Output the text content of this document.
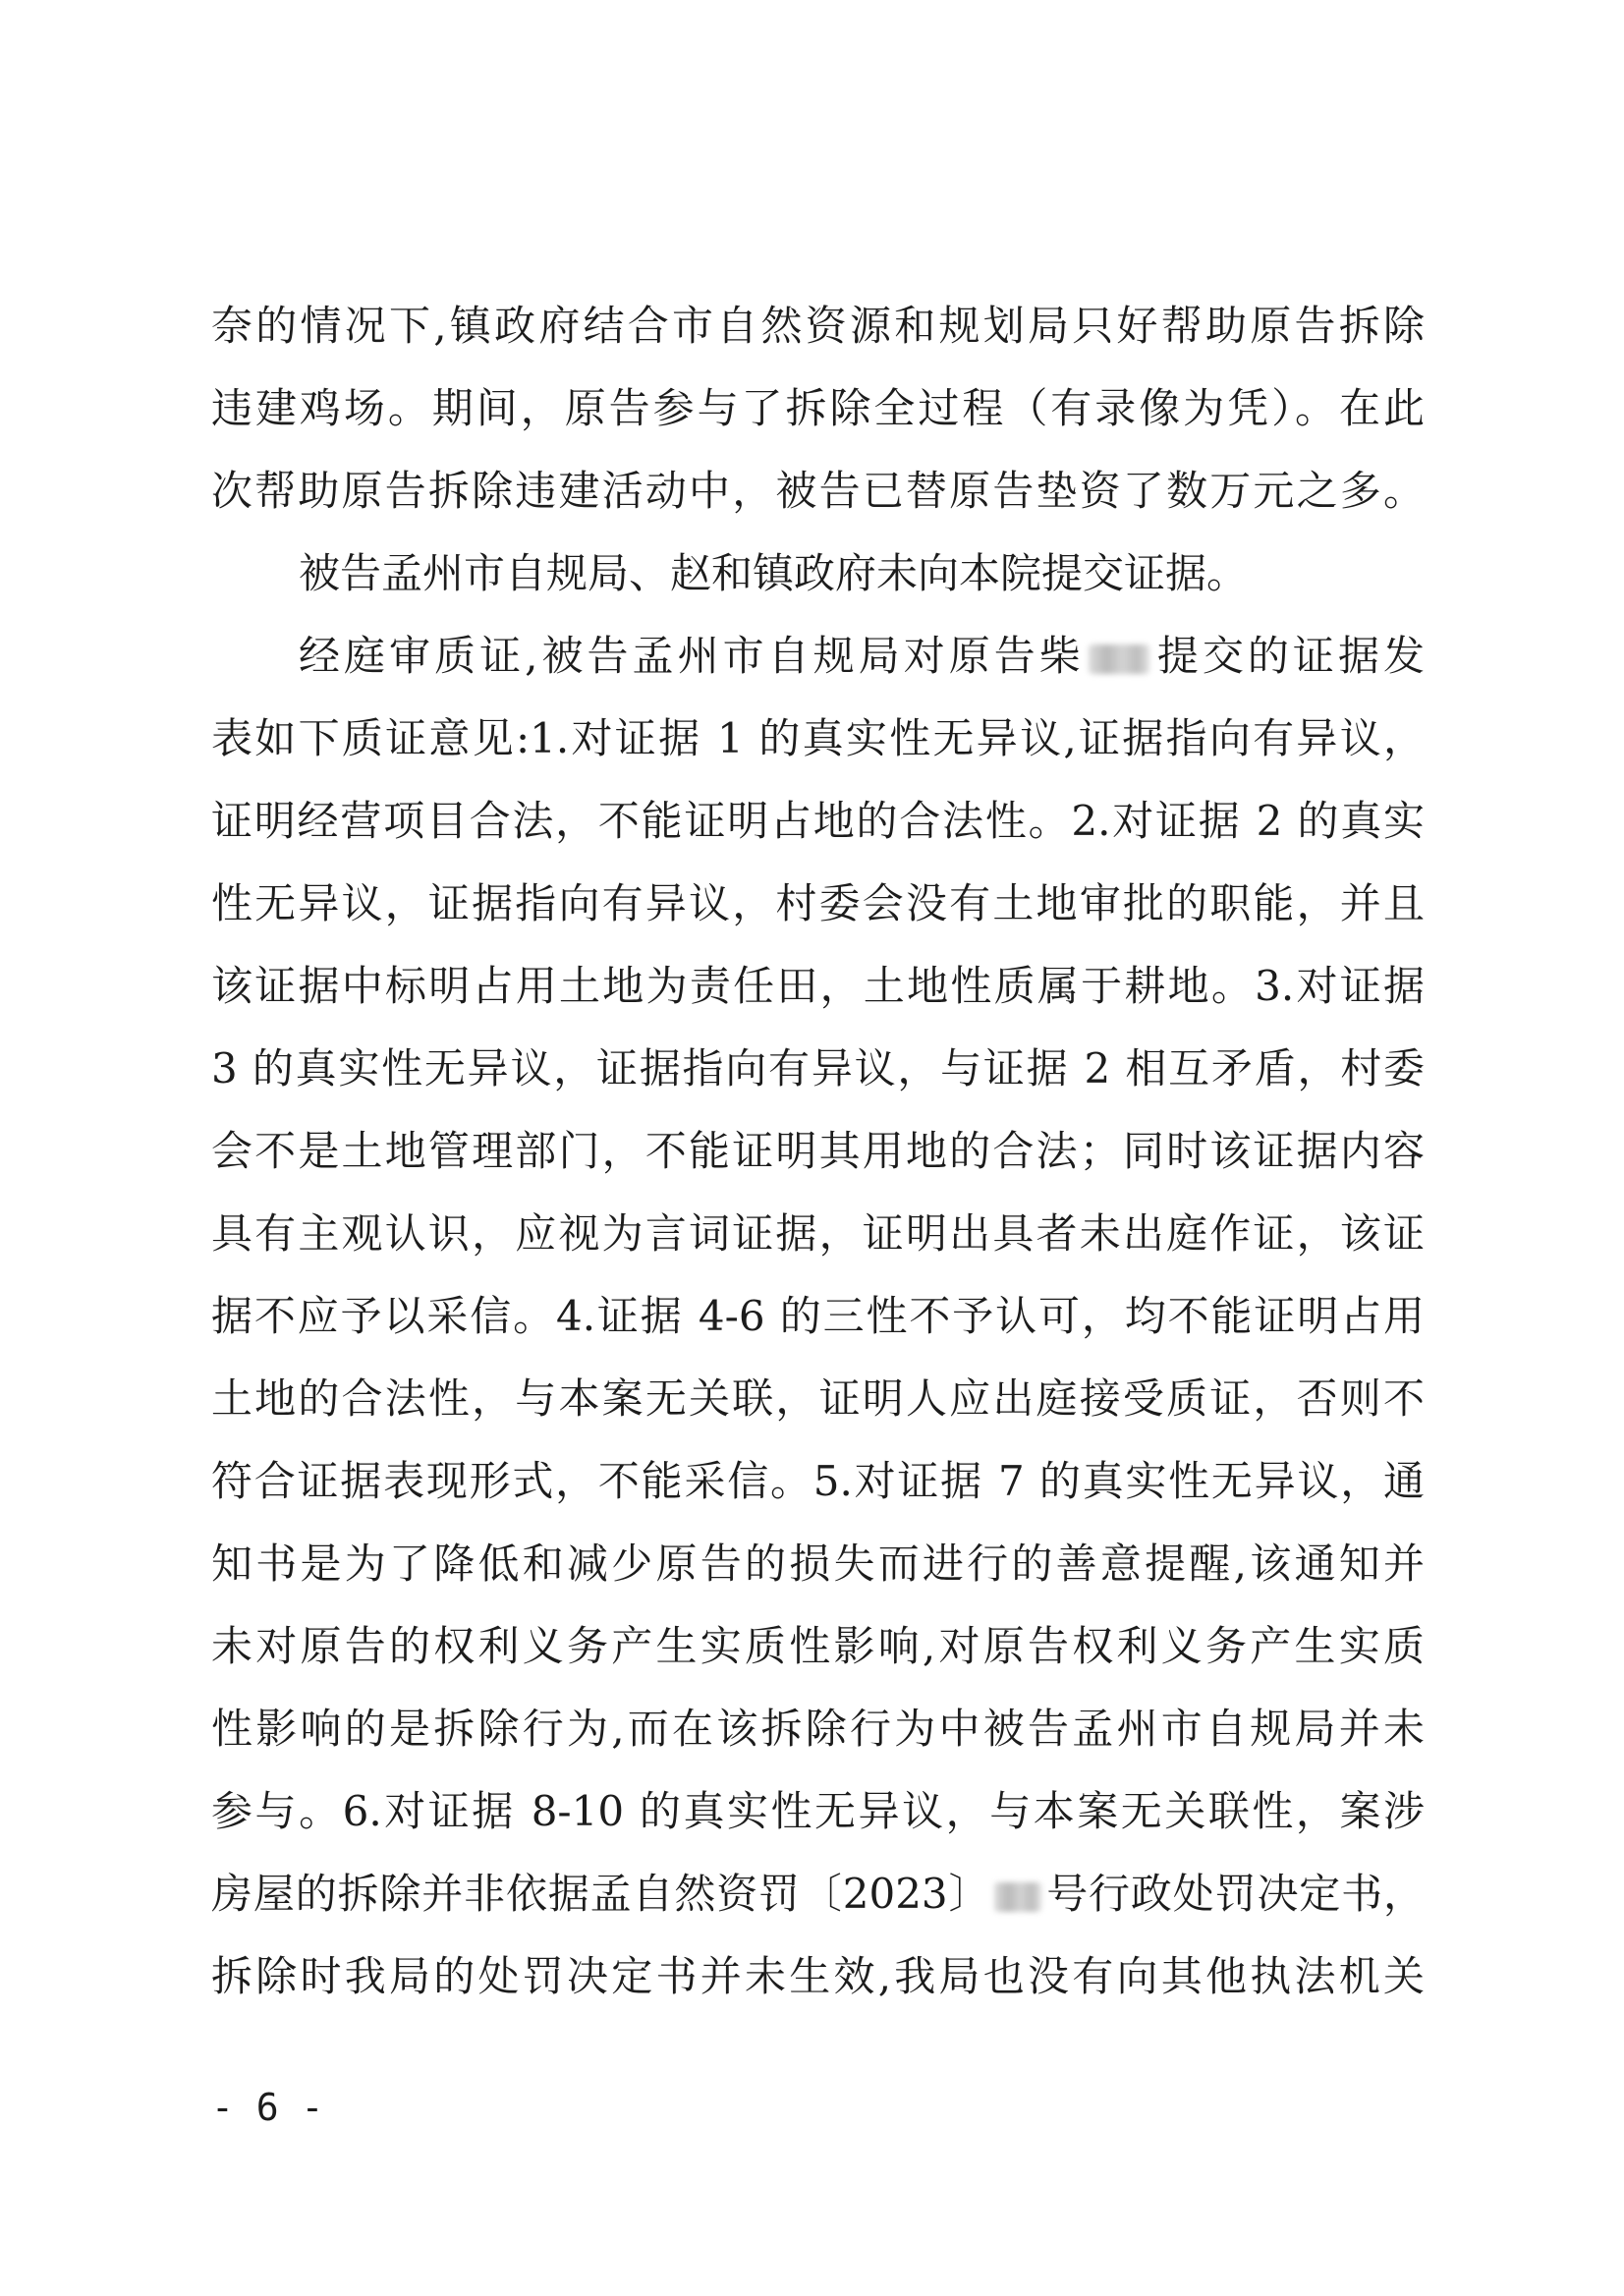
奈的情况下,镇政府结合市自然资源和规划局只好帮助原告拆除
违建鸡场。期间，原告参与了拆除全过程（有录像为凭）。在此
次帮助原告拆除违建活动中，被告已替原告垫资了数万元之多。
被告孟州市自规局、赵和镇政府未向本院提交证据。
经庭审质证,被告孟州市自规局对原告柴 提交的证据发
表如下质证意见:1.对证据 1 的真实性无异议,证据指向有异议，
证明经营项目合法，不能证明占地的合法性。2.对证据 2 的真实
性无异议，证据指向有异议，村委会没有土地审批的职能，并且
该证据中标明占用土地为责任田，土地性质属于耕地。3.对证据
3 的真实性无异议，证据指向有异议，与证据 2 相互矛盾，村委
会不是土地管理部门，不能证明其用地的合法；同时该证据内容
具有主观认识，应视为言词证据，证明出具者未出庭作证，该证
据不应予以采信。4.证据 4-6 的三性不予认可，均不能证明占用
土地的合法性，与本案无关联，证明人应出庭接受质证，否则不
符合证据表现形式，不能采信。5.对证据 7 的真实性无异议，通
知书是为了降低和减少原告的损失而进行的善意提醒,该通知并
未对原告的权利义务产生实质性影响,对原告权利义务产生实质
性影响的是拆除行为,而在该拆除行为中被告孟州市自规局并未
参与。6.对证据 8-10 的真实性无异议，与本案无关联性，案涉
房屋的拆除并非依据孟自然资罚〔2023〕 号行政处罚决定书，
拆除时我局的处罚决定书并未生效,我局也没有向其他执法机关
- 6 -
